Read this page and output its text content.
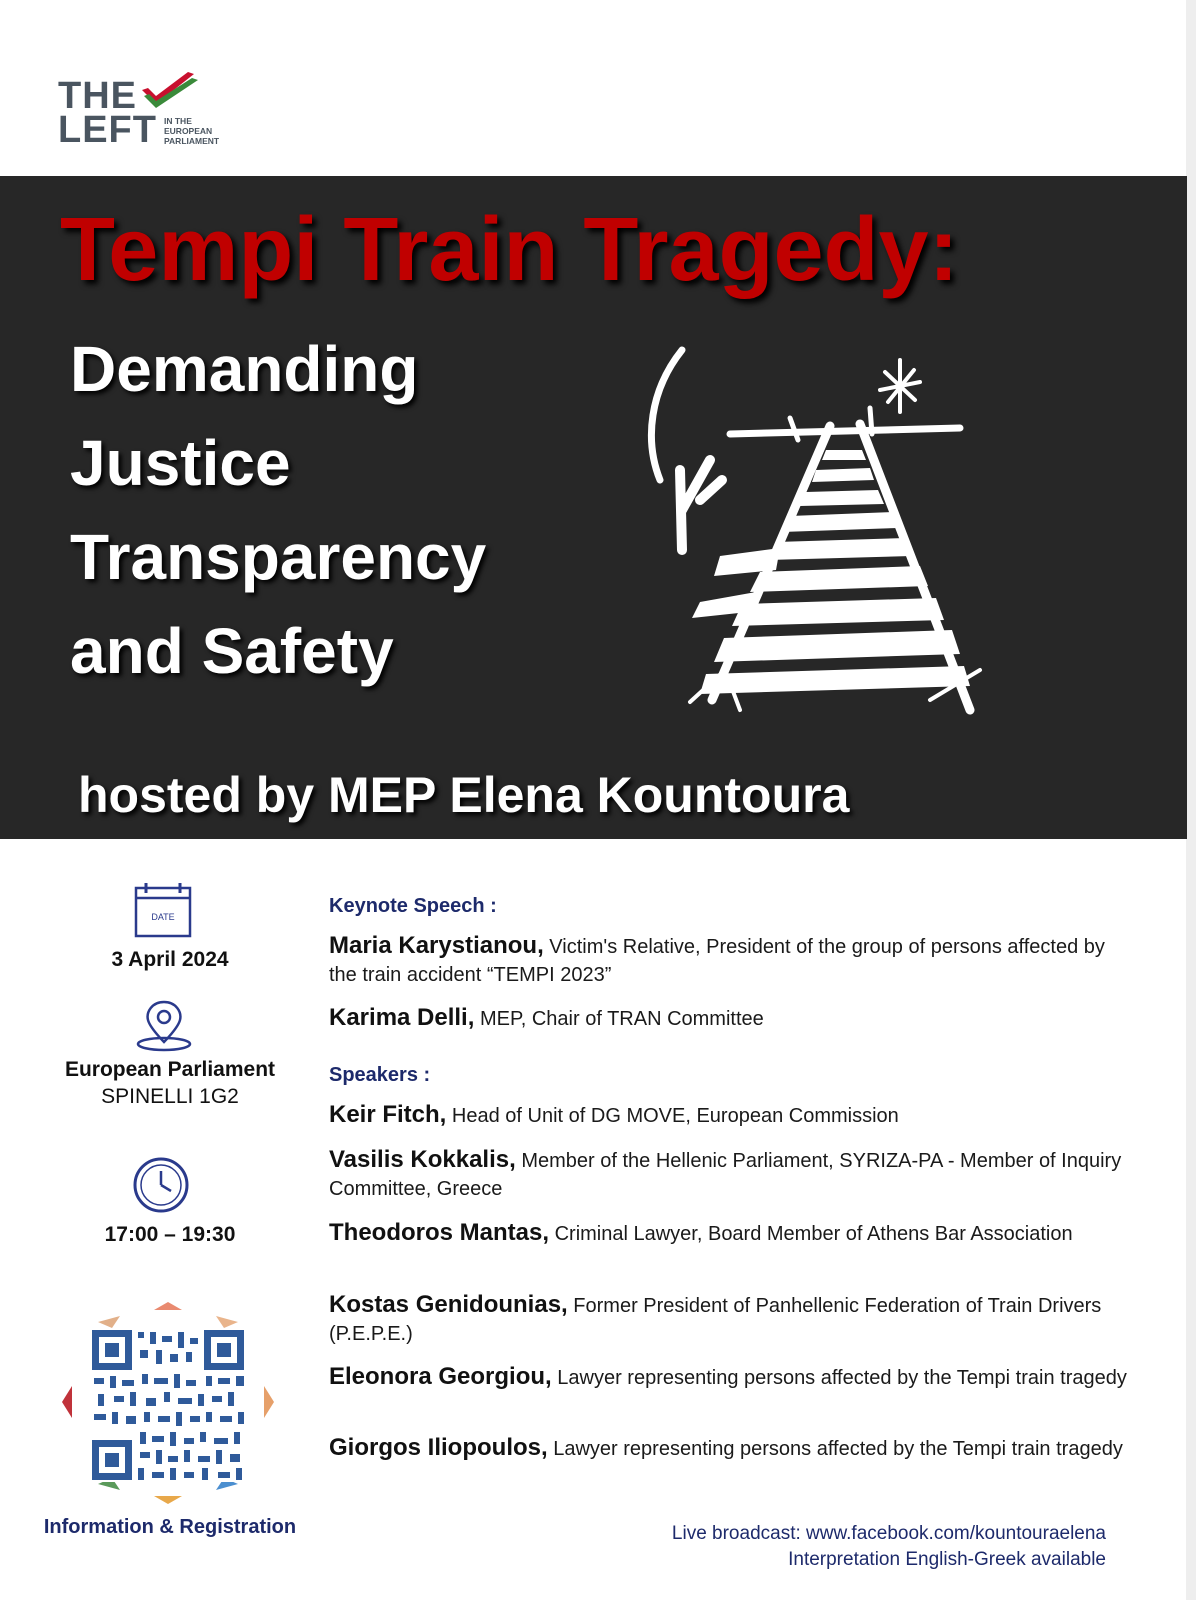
THE
LEFT IN THE
EUROPEAN
PARLIAMENT
Tempi Train Tragedy:
Demanding
Justice
Transparency
and Safety
hosted by MEP Elena Kountoura
DATE
3 April 2024
European Parliament
SPINELLI 1G2
17:00 – 19:30
Information & Registration
Keynote Speech :
Maria Karystianou, Victim's Relative, President of the group of persons affected by the train accident “TEMPI 2023”
Karima Delli, MEP, Chair of TRAN Committee
Speakers :
Keir Fitch, Head of Unit of DG MOVE, European Commission
Vasilis Kokkalis, Member of the Hellenic Parliament, SYRIZA-PA - Member of Inquiry Committee, Greece
Theodoros Mantas, Criminal Lawyer, Board Member of Athens Bar Association
Kostas Genidounias, Former President of Panhellenic Federation of Train Drivers (P.E.P.E.)
Eleonora Georgiou, Lawyer representing persons affected by the Tempi train tragedy
Giorgos Iliopoulos, Lawyer representing persons affected by the Tempi train tragedy
Live broadcast: www.facebook.com/kountouraelena
Interpretation English-Greek available
